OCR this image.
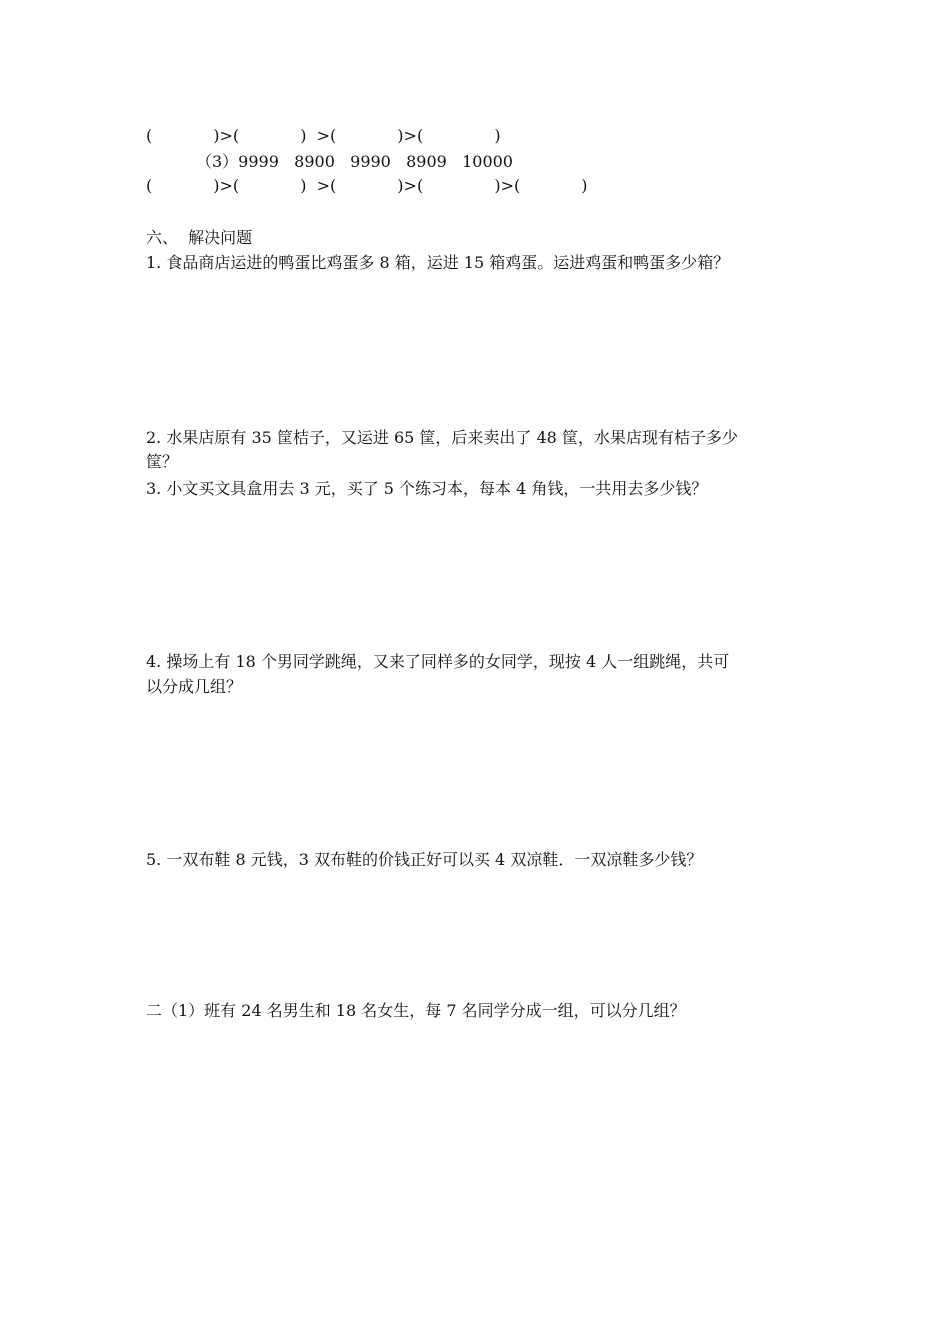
(            )>(            )  >(            )>(              )
（3）9999   8900   9990   8909   10000
(            )>(            )  >(            )>(              )>(            )
六、  解决问题
1. 食品商店运进的鸭蛋比鸡蛋多 8 箱，运进 15 箱鸡蛋。运进鸡蛋和鸭蛋多少箱？
2. 水果店原有 35 筐桔子，又运进 65 筐，后来卖出了 48 筐，水果店现有桔子多少
筐？
3. 小文买文具盒用去 3 元，买了 5 个练习本，每本 4 角钱，一共用去多少钱？
4. 操场上有 18 个男同学跳绳，又来了同样多的女同学，现按 4 人一组跳绳，共可
以分成几组？
5. 一双布鞋 8 元钱，3 双布鞋的价钱正好可以买 4 双凉鞋．一双凉鞋多少钱？
二（1）班有 24 名男生和 18 名女生，每 7 名同学分成一组，可以分几组？
